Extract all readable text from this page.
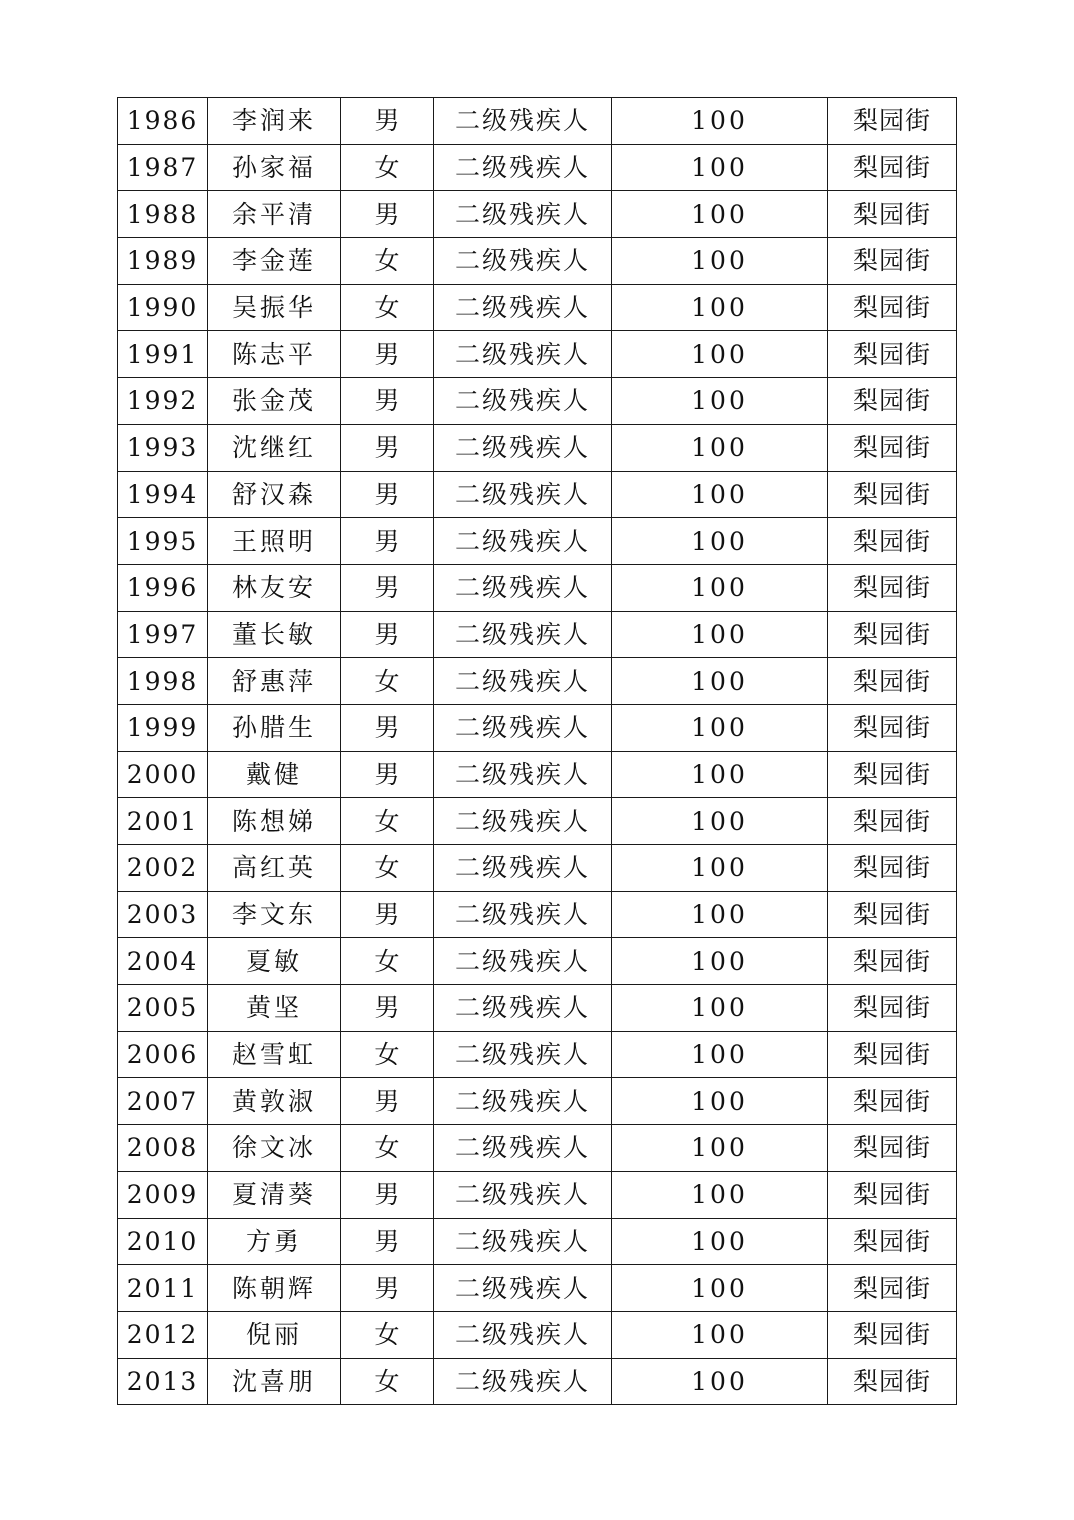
1986	李润来	男	二级残疾人	100	梨园街
1987	孙家福	女	二级残疾人	100	梨园街
1988	余平清	男	二级残疾人	100	梨园街
1989	李金莲	女	二级残疾人	100	梨园街
1990	吴振华	女	二级残疾人	100	梨园街
1991	陈志平	男	二级残疾人	100	梨园街
1992	张金茂	男	二级残疾人	100	梨园街
1993	沈继红	男	二级残疾人	100	梨园街
1994	舒汉森	男	二级残疾人	100	梨园街
1995	王照明	男	二级残疾人	100	梨园街
1996	林友安	男	二级残疾人	100	梨园街
1997	董长敏	男	二级残疾人	100	梨园街
1998	舒惠萍	女	二级残疾人	100	梨园街
1999	孙腊生	男	二级残疾人	100	梨园街
2000	戴健	男	二级残疾人	100	梨园街
2001	陈想娣	女	二级残疾人	100	梨园街
2002	高红英	女	二级残疾人	100	梨园街
2003	李文东	男	二级残疾人	100	梨园街
2004	夏敏	女	二级残疾人	100	梨园街
2005	黄坚	男	二级残疾人	100	梨园街
2006	赵雪虹	女	二级残疾人	100	梨园街
2007	黄敦淑	男	二级残疾人	100	梨园街
2008	徐文冰	女	二级残疾人	100	梨园街
2009	夏清葵	男	二级残疾人	100	梨园街
2010	方勇	男	二级残疾人	100	梨园街
2011	陈朝辉	男	二级残疾人	100	梨园街
2012	倪丽	女	二级残疾人	100	梨园街
2013	沈喜朋	女	二级残疾人	100	梨园街
